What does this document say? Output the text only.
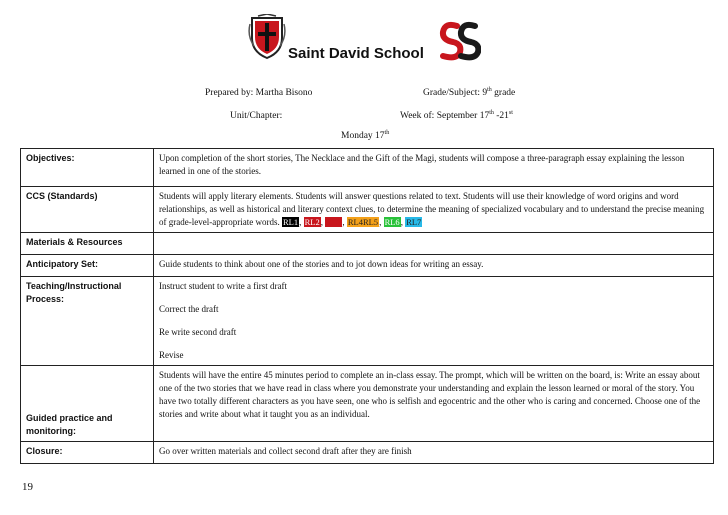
Saint David School
Prepared by: Martha Bisono	Grade/Subject: 9th grade
Unit/Chapter:	Week of: September 17th -21st
Monday 17th
Objectives:	Upon completion of the short stories, The Necklace and the Gift of the Magi, students will compose a three-paragraph essay explaining the lesson learned in one of the stories.
CCS (Standards)	Students will apply literary elements. Students will answer questions related to text. Students will use their knowledge of word origins and word relationships, as well as historical and literary context clues, to determine the meaning of specialized vocabulary and to understand the precise meaning of grade-level-appropriate words. RL1, RL2, RL3, RL4RL5, RL6, RL7
Materials & Resources	
Anticipatory Set:	Guide students to think about one of the stories and to jot down ideas for writing an essay.
Teaching/Instructional Process:	Instruct student to write a first draft
Correct the draft
Re write second draft
Revise

Guided practice and monitoring:	Students will have the entire 45 minutes period to complete an in-class essay. The prompt, which will be written on the board, is: Write an essay about one of the two stories that we have read in class where you demonstrate your understanding and explain the lesson learned or moral of the story. You have two totally different characters as you have seen, one who is selfish and egocentric and the other who is caring and concerned. Choose one of the stories and write about what it taught you as an individual.
Closure:	Go over written materials and collect second draft after they are finish
19
